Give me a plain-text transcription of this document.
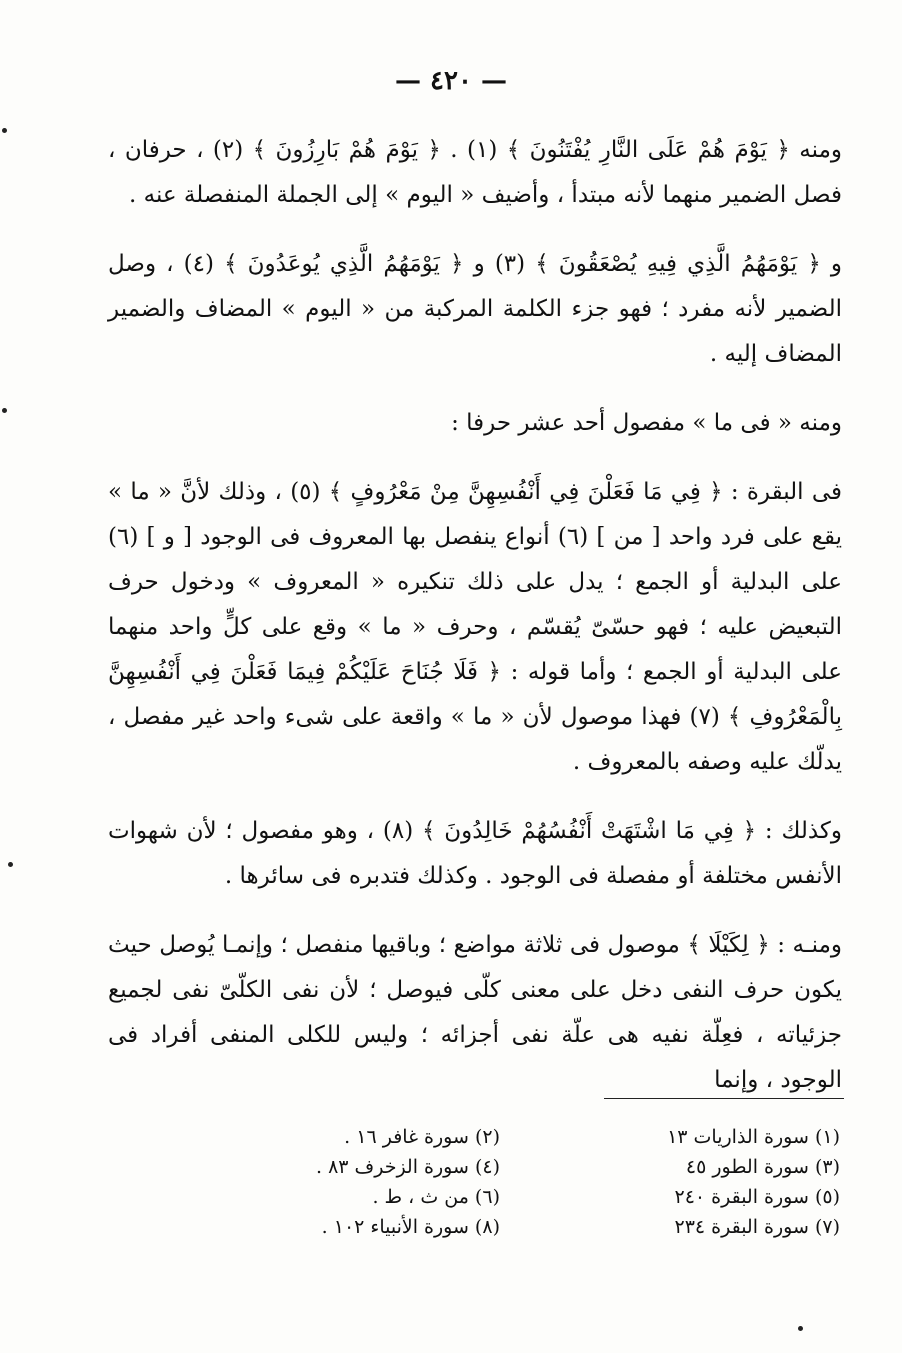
— ٤٢٠ —

ومنه ﴿ يَوْمَ هُمْ عَلَى النَّارِ يُفْتَنُونَ ﴾ (١) . ﴿ يَوْمَ هُمْ بَارِزُونَ ﴾ (٢) ، حرفان ، فصل الضمير منهما لأنه مبتدأ ، وأضيف « اليوم » إلى الجملة المنفصلة عنه .

و ﴿ يَوْمَهُمُ الَّذِي فِيهِ يُصْعَقُونَ ﴾ (٣) و ﴿ يَوْمَهُمُ الَّذِي يُوعَدُونَ ﴾ (٤) ، وصل الضمير لأنه مفرد ؛ فهو جزء الكلمة المركبة من « اليوم » المضاف والضمير المضاف إليه .

ومنه « فى ما » مفصول أحد عشر حرفا :

فى البقرة : ﴿ فِي مَا فَعَلْنَ فِي أَنْفُسِهِنَّ مِنْ مَعْرُوفٍ ﴾ (٥) ، وذلك لأنَّ « ما » يقع على فرد واحد [ من ] (٦) أنواع ينفصل بها المعروف فى الوجود [ و ] (٦) على البدلية أو الجمع ؛ يدل على ذلك تنكيره « المعروف » ودخول حرف التبعيض عليه ؛ فهو حسّىّ يُقسّم ، وحرف « ما » وقع على كلٍّ واحد منهما على البدلية أو الجمع ؛ وأما قوله : ﴿ فَلَا جُنَاحَ عَلَيْكُمْ فِيمَا فَعَلْنَ فِي أَنْفُسِهِنَّ بِالْمَعْرُوفِ ﴾ (٧) فهذا موصول لأن « ما » واقعة على شىء واحد غير مفصل ، يدلّك عليه وصفه بالمعروف .

وكذلك : ﴿ فِي مَا اشْتَهَتْ أَنْفُسُهُمْ خَالِدُونَ ﴾ (٨) ، وهو مفصول ؛ لأن شهوات الأنفس مختلفة أو مفصلة فى الوجود . وكذلك فتدبره فى سائرها .

ومنـه : ﴿ لِكَيْلَا ﴾ موصول فى ثلاثة مواضع ؛ وباقيها منفصل ؛ وإنمـا يُوصل حيث يكون حرف النفى دخل على معنى كلّى فيوصل ؛ لأن نفى الكلّىّ نفى لجميع جزئياته ، فعِلّة نفيه هى علّة نفى أجزائه ؛ وليس للكلى المنفى أفراد فى الوجود ، وإنما

(١) سورة الذاريات ١٣
(٢) سورة غافر ١٦ .
(٣) سورة الطور ٤٥
(٤) سورة الزخرف ٨٣ .
(٥) سورة البقرة ٢٤٠
(٦) من ث ، ط .
(٧) سورة البقرة ٢٣٤
(٨) سورة الأنبياء ١٠٢ .
